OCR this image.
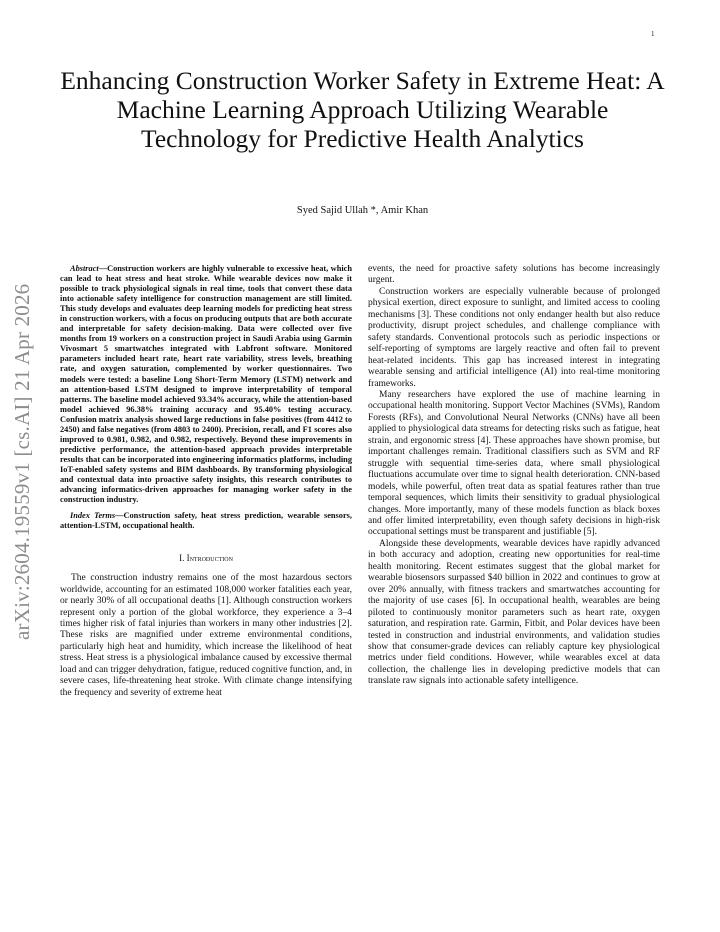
1
arXiv:2604.19559v1 [cs.AI] 21 Apr 2026
Enhancing Construction Worker Safety in Extreme Heat: A Machine Learning Approach Utilizing Wearable Technology for Predictive Health Analytics
Syed Sajid Ullah *, Amir Khan

Abstract—Construction workers are highly vulnerable to excessive heat, which can lead to heat stress and heat stroke. While wearable devices now make it possible to track physiological signals in real time, tools that convert these data into actionable safety intelligence for construction management are still limited. This study develops and evaluates deep learning models for predicting heat stress in construction workers, with a focus on producing outputs that are both accurate and interpretable for safety decision-making. Data were collected over five months from 19 workers on a construction project in Saudi Arabia using Garmin Vivosmart 5 smartwatches integrated with Labfront software. Monitored parameters included heart rate, heart rate variability, stress levels, breathing rate, and oxygen saturation, complemented by worker questionnaires. Two models were tested: a baseline Long Short-Term Memory (LSTM) network and an attention-based LSTM designed to improve interpretability of temporal patterns. The baseline model achieved 93.34% accuracy, while the attention-based model achieved 96.38% training accuracy and 95.40% testing accuracy. Confusion matrix analysis showed large reductions in false positives (from 4412 to 2450) and false negatives (from 4803 to 2400). Precision, recall, and F1 scores also improved to 0.981, 0.982, and 0.982, respectively. Beyond these improvements in predictive performance, the attention-based approach provides interpretable results that can be incorporated into engineering informatics platforms, including IoT-enabled safety systems and BIM dashboards. By transforming physiological and contextual data into proactive safety insights, this research contributes to advancing informatics-driven approaches for managing worker safety in the construction industry.

Index Terms—Construction safety, heat stress prediction, wearable sensors, attention-LSTM, occupational health.

I. Introduction

The construction industry remains one of the most hazardous sectors worldwide, accounting for an estimated 108,000 worker fatalities each year, or nearly 30% of all occupational deaths [1]. Although construction workers represent only a portion of the global workforce, they experience a 3–4 times higher risk of fatal injuries than workers in many other industries [2]. These risks are magnified under extreme environmental conditions, particularly high heat and humidity, which increase the likelihood of heat stress. Heat stress is a physiological imbalance caused by excessive thermal load and can trigger dehydration, fatigue, reduced cognitive function, and, in severe cases, life-threatening heat stroke. With climate change intensifying the frequency and severity of extreme heat

events, the need for proactive safety solutions has become increasingly urgent.

Construction workers are especially vulnerable because of prolonged physical exertion, direct exposure to sunlight, and limited access to cooling mechanisms [3]. These conditions not only endanger health but also reduce productivity, disrupt project schedules, and challenge compliance with safety standards. Conventional protocols such as periodic inspections or self-reporting of symptoms are largely reactive and often fail to prevent heat-related incidents. This gap has increased interest in integrating wearable sensing and artificial intelligence (AI) into real-time monitoring frameworks.

Many researchers have explored the use of machine learning in occupational health monitoring. Support Vector Machines (SVMs), Random Forests (RFs), and Convolutional Neural Networks (CNNs) have all been applied to physiological data streams for detecting risks such as fatigue, heat strain, and ergonomic stress [4]. These approaches have shown promise, but important challenges remain. Traditional classifiers such as SVM and RF struggle with sequential time-series data, where small physiological fluctuations accumulate over time to signal health deterioration. CNN-based models, while powerful, often treat data as spatial features rather than true temporal sequences, which limits their sensitivity to gradual physiological changes. More importantly, many of these models function as black boxes and offer limited interpretability, even though safety decisions in high-risk occupational settings must be transparent and justifiable [5].

Alongside these developments, wearable devices have rapidly advanced in both accuracy and adoption, creating new opportunities for real-time health monitoring. Recent estimates suggest that the global market for wearable biosensors surpassed $40 billion in 2022 and continues to grow at over 20% annually, with fitness trackers and smartwatches accounting for the majority of use cases [6]. In occupational health, wearables are being piloted to continuously monitor parameters such as heart rate, oxygen saturation, and respiration rate. Garmin, Fitbit, and Polar devices have been tested in construction and industrial environments, and validation studies show that consumer-grade devices can reliably capture key physiological metrics under field conditions. However, while wearables excel at data collection, the challenge lies in developing predictive models that can translate raw signals into actionable safety intelligence.
